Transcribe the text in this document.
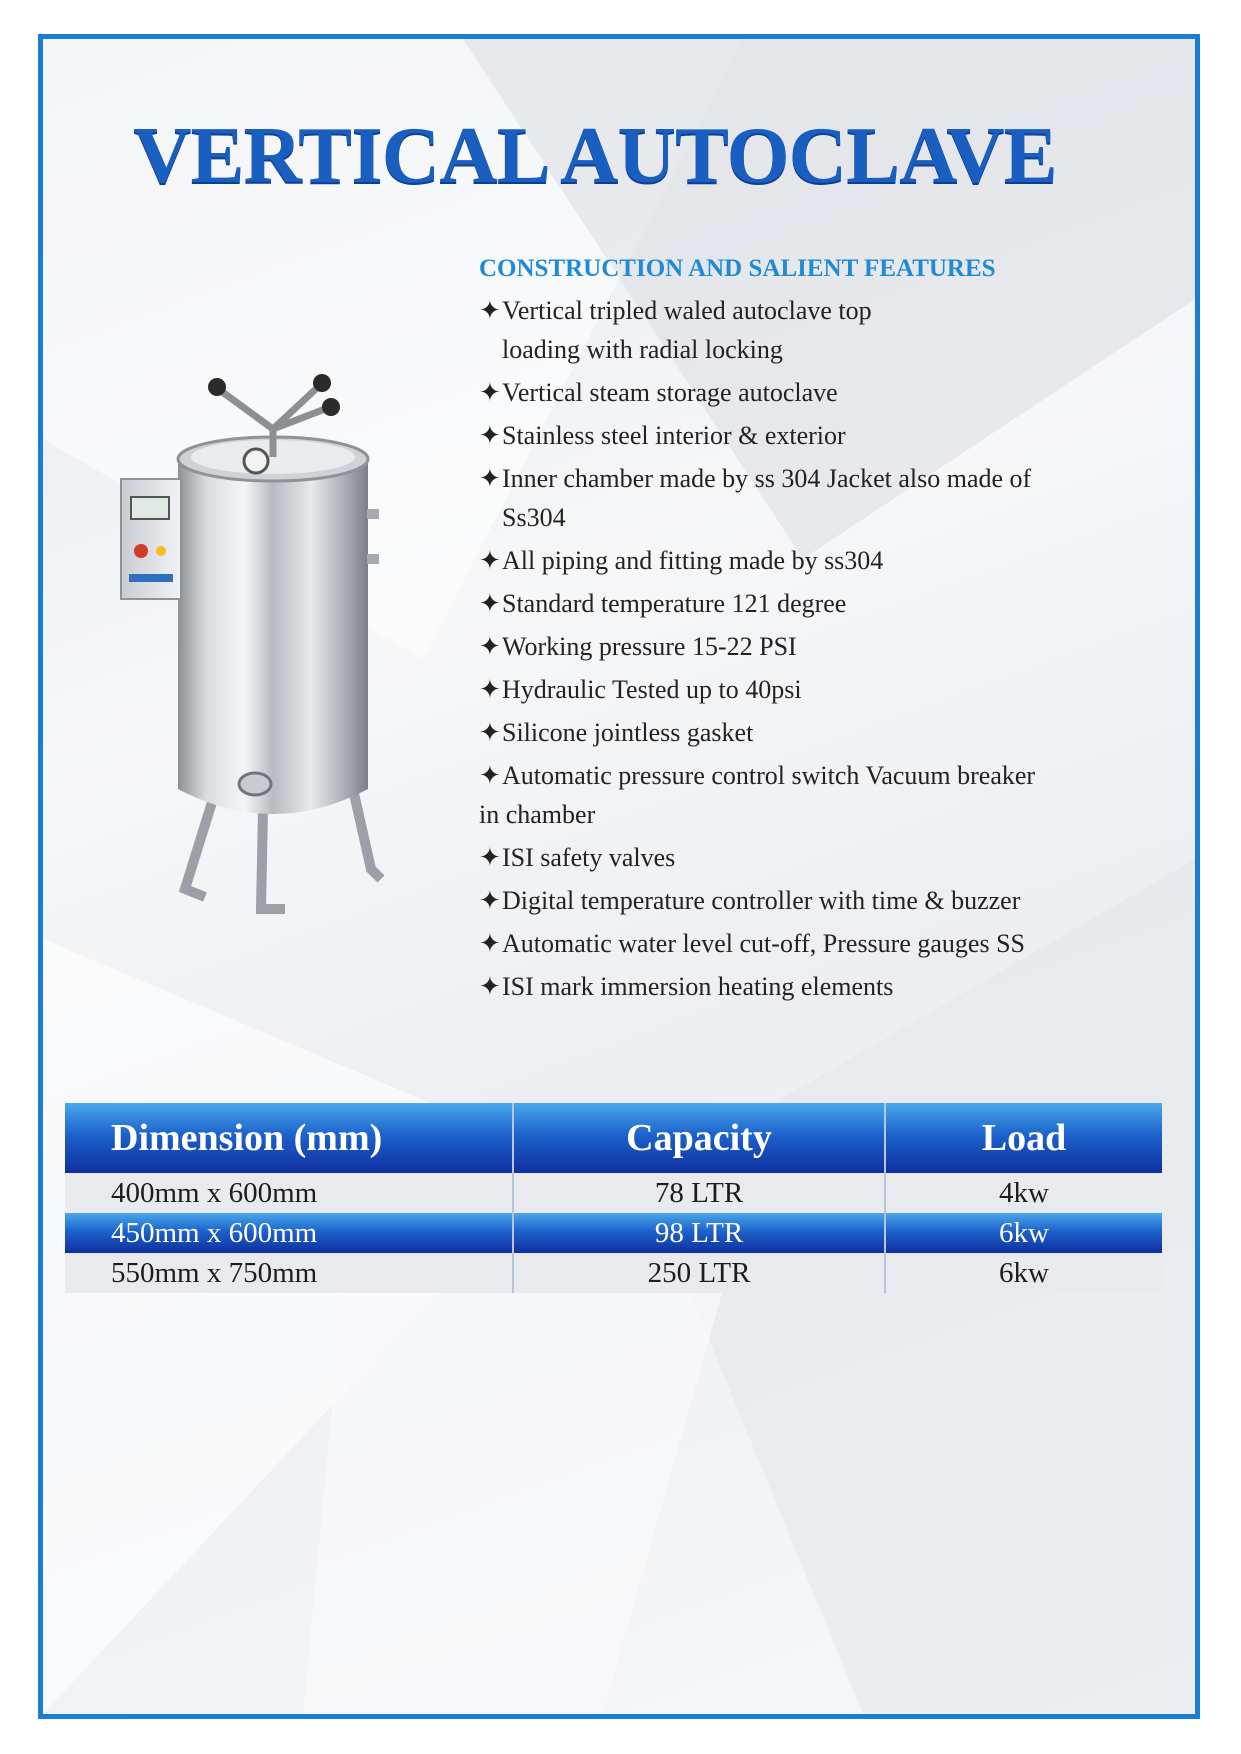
VERTICAL AUTOCLAVE
CONSTRUCTION AND SALIENT FEATURES
✦ Vertical tripled waled autoclave top
loading with radial locking
✦ Vertical steam storage autoclave
✦ Stainless steel interior & exterior
✦ Inner chamber made by ss 304 Jacket also made of
Ss304
✦ All piping and fitting made by ss304
✦ Standard temperature 121 degree
✦ Working pressure 15-22 PSI
✦ Hydraulic Tested up to 40psi
✦ Silicone jointless gasket
✦ Automatic pressure control switch Vacuum breaker
in chamber
✦ ISI safety valves
✦ Digital temperature controller with time & buzzer
✦ Automatic water level cut-off, Pressure gauges SS
✦ ISI mark immersion heating elements
Dimension (mm)	Capacity	Load
400mm x 600mm	78 LTR	4kw
450mm x 600mm	98 LTR	6kw
550mm x 750mm	250 LTR	6kw
